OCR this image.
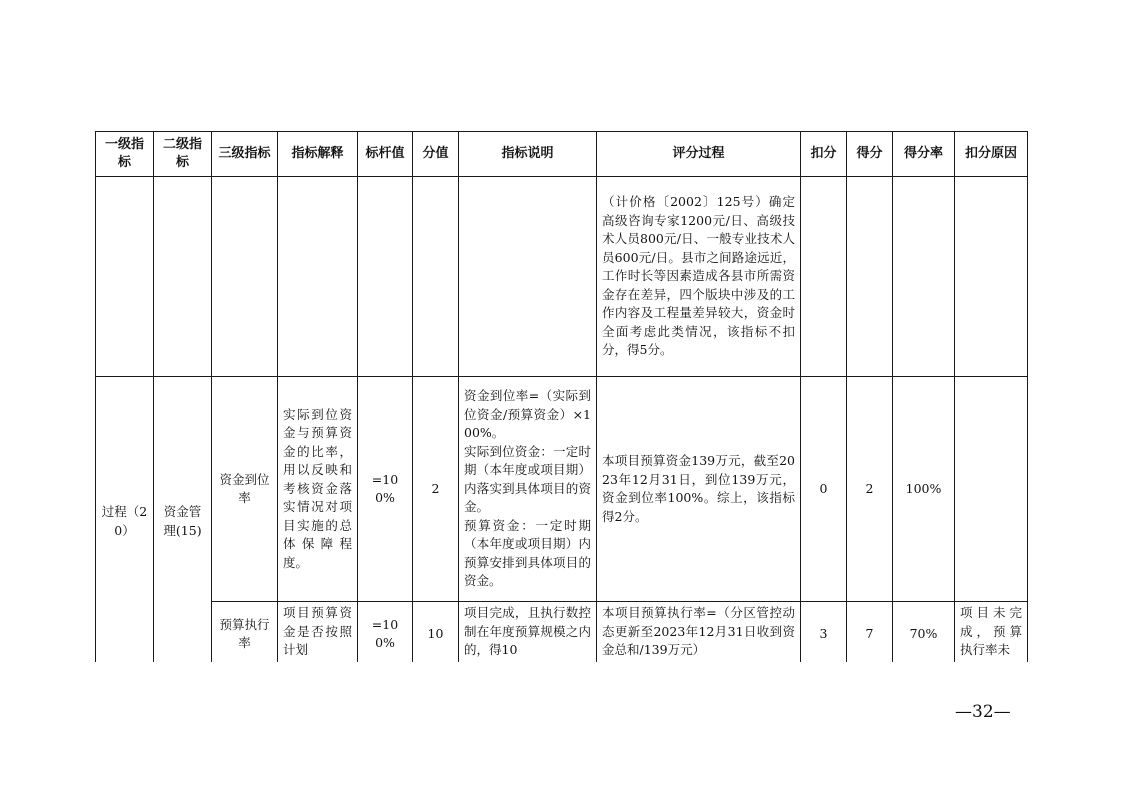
一级指标	二级指标	三级指标	指标解释	标杆值	分值	指标说明	评分过程	扣分	得分	得分率	扣分原因
							（计价格〔2002〕125号）确定高级咨询专家1200元/日、高级技术人员800元/日、一般专业技术人员600元/日。县市之间路途远近，工作时长等因素造成各县市所需资金存在差异，四个版块中涉及的工作内容及工程量差异较大，资金时全面考虑此类情况，该指标不扣分，得5分。				
过程（20）	资金管理(15)	资金到位率	实际到位资金与预算资金的比率，用以反映和考核资金落实情况对项目实施的总体保障程度。	=100%	2	资金到位率=（实际到位资金/预算资金）×100%。
实际到位资金：一定时期（本年度或项目期）内落实到具体项目的资金。
预算资金：一定时期（本年度或项目期）内预算安排到具体项目的资金。	本项目预算资金139万元，截至2023年12月31日，到位139万元，资金到位率100%。综上，该指标得2分。	0	2	100%	
		预算执行率	项目预算资金是否按照计划	=100%	10	项目完成，且执行数控制在年度预算规模之内的，得10	本项目预算执行率=（分区管控动态更新至2023年12月31日收到资金总和/139万元）	3	7	70%	项目未完成，预算执行率未
—32—
